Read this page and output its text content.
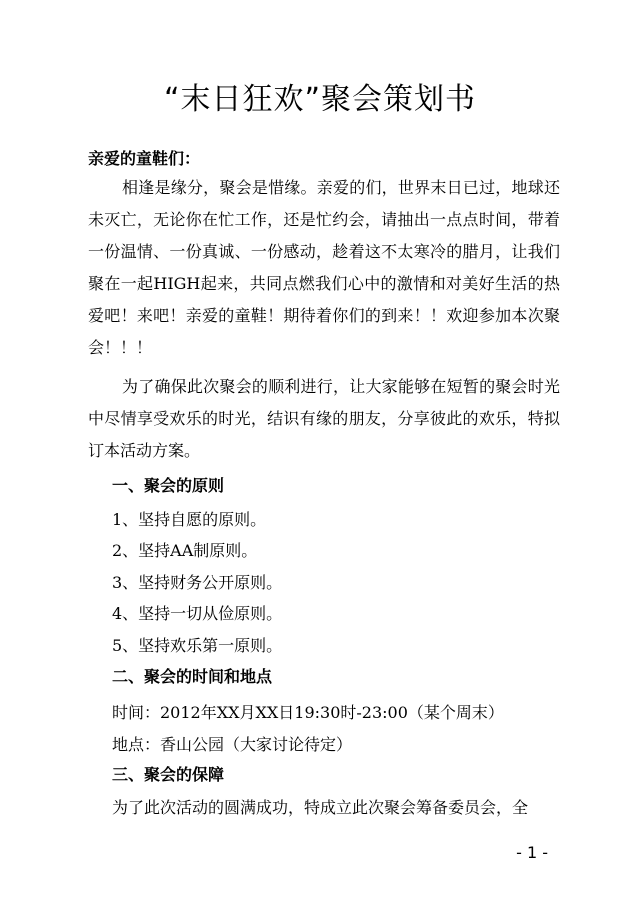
“末日狂欢”聚会策划书
亲爱的童鞋们：
相逢是缘分，聚会是惜缘。亲爱的们，世界末日已过，地球还未灭亡，无论你在忙工作，还是忙约会，请抽出一点点时间，带着一份温情、一份真诚、一份感动，趁着这不太寒冷的腊月，让我们聚在一起HIGH起来，共同点燃我们心中的激情和对美好生活的热爱吧！来吧！亲爱的童鞋！期待着你们的到来！！欢迎参加本次聚会！！！
为了确保此次聚会的顺利进行，让大家能够在短暂的聚会时光中尽情享受欢乐的时光，结识有缘的朋友，分享彼此的欢乐，特拟订本活动方案。
一、聚会的原则
1、坚持自愿的原则。
2、坚持AA制原则。
3、坚持财务公开原则。
4、坚持一切从俭原则。
5、坚持欢乐第一原则。
二、聚会的时间和地点
时间：2012年XX月XX日19:30时-23:00（某个周末）
地点：香山公园（大家讨论待定）
三、聚会的保障
为了此次活动的圆满成功，特成立此次聚会筹备委员会，全
- 1 -
